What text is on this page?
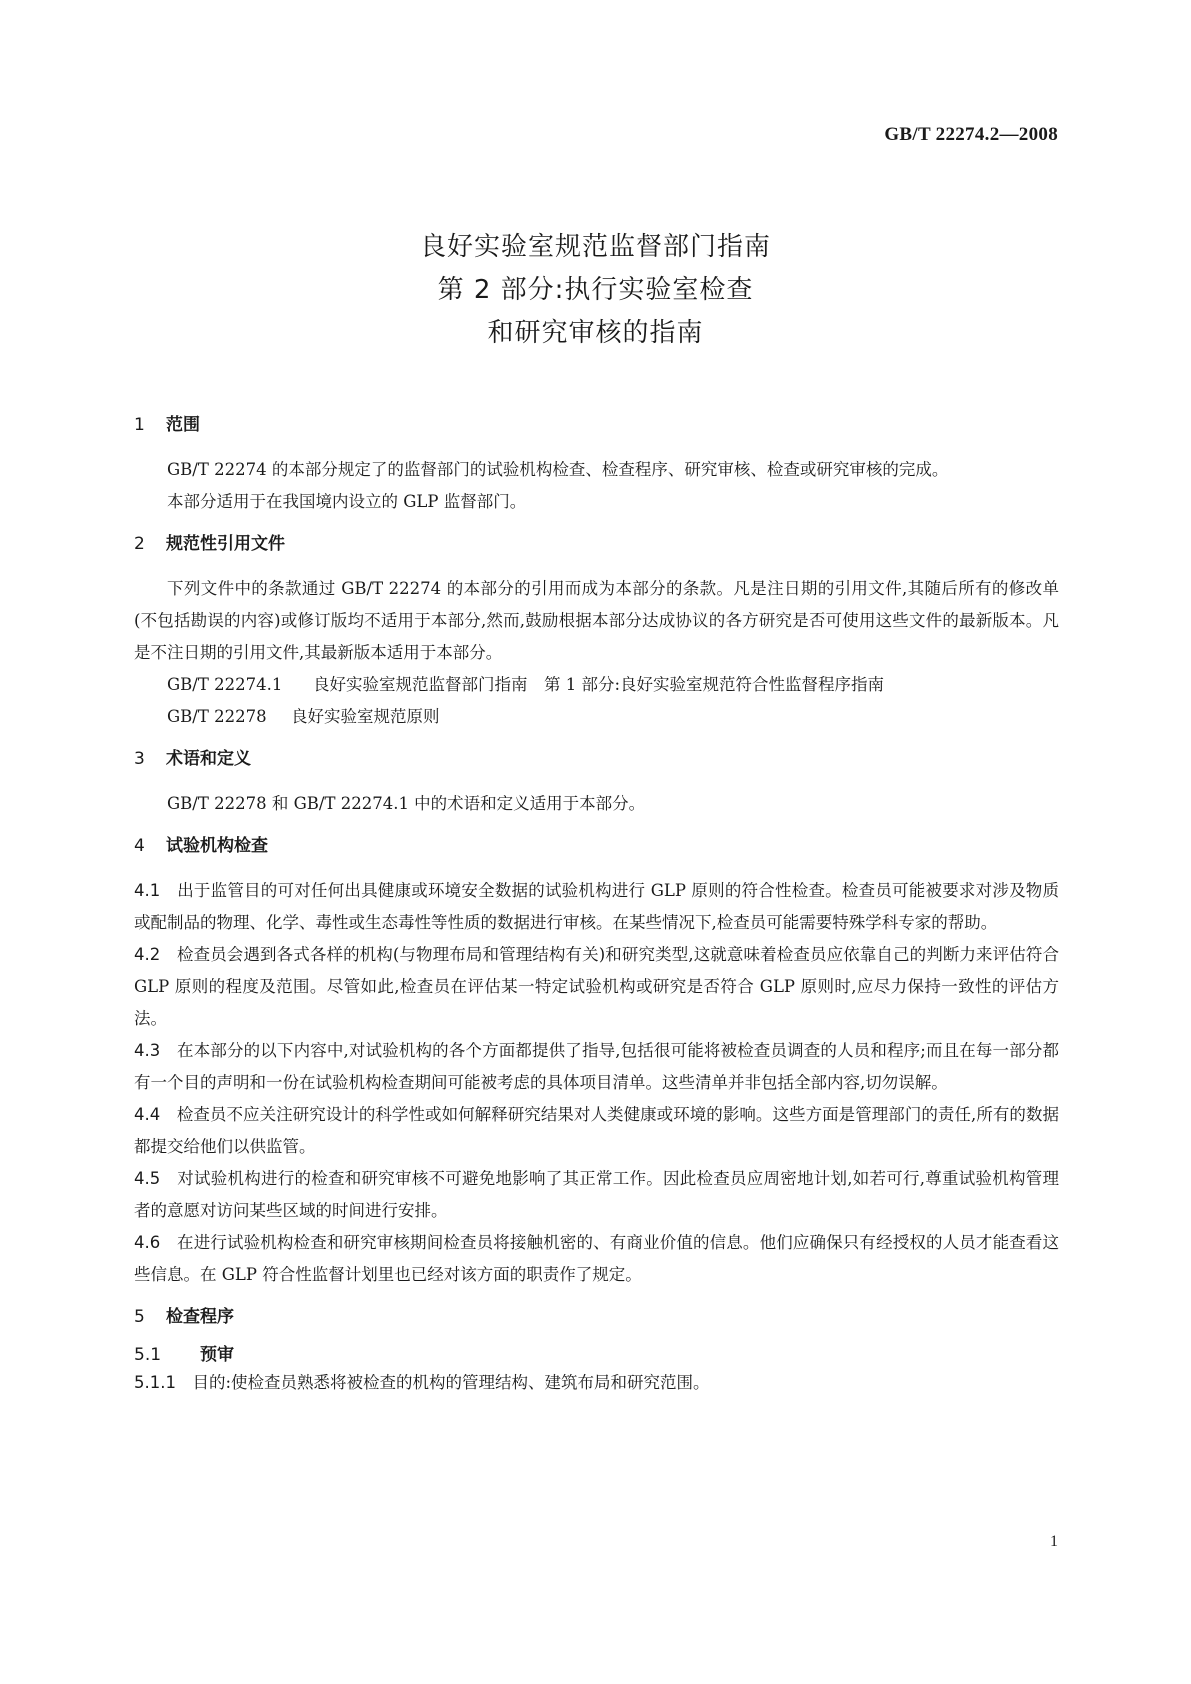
GB/T 22274.2—2008
良好实验室规范监督部门指南
第 2 部分:执行实验室检查
和研究审核的指南
1 范围
GB/T 22274 的本部分规定了的监督部门的试验机构检查、检查程序、研究审核、检查或研究审核的完成。
本部分适用于在我国境内设立的 GLP 监督部门。
2 规范性引用文件
下列文件中的条款通过 GB/T 22274 的本部分的引用而成为本部分的条款。凡是注日期的引用文件,其随后所有的修改单(不包括勘误的内容)或修订版均不适用于本部分,然而,鼓励根据本部分达成协议的各方研究是否可使用这些文件的最新版本。凡是不注日期的引用文件,其最新版本适用于本部分。
GB/T 22274.1 良好实验室规范监督部门指南　第 1 部分:良好实验室规范符合性监督程序指南
GB/T 22278 良好实验室规范原则
3 术语和定义
GB/T 22278 和 GB/T 22274.1 中的术语和定义适用于本部分。
4 试验机构检查
4.1　 出于监管目的可对任何出具健康或环境安全数据的试验机构进行 GLP 原则的符合性检查。检查员可能被要求对涉及物质或配制品的物理、化学、毒性或生态毒性等性质的数据进行审核。在某些情况下,检查员可能需要特殊学科专家的帮助。
4.2　 检查员会遇到各式各样的机构(与物理布局和管理结构有关)和研究类型,这就意味着检查员应依靠自己的判断力来评估符合 GLP 原则的程度及范围。尽管如此,检查员在评估某一特定试验机构或研究是否符合 GLP 原则时,应尽力保持一致性的评估方法。
4.3　 在本部分的以下内容中,对试验机构的各个方面都提供了指导,包括很可能将被检查员调查的人员和程序;而且在每一部分都有一个目的声明和一份在试验机构检查期间可能被考虑的具体项目清单。这些清单并非包括全部内容,切勿误解。
4.4　 检查员不应关注研究设计的科学性或如何解释研究结果对人类健康或环境的影响。这些方面是管理部门的责任,所有的数据都提交给他们以供监管。
4.5　 对试验机构进行的检查和研究审核不可避免地影响了其正常工作。因此检查员应周密地计划,如若可行,尊重试验机构管理者的意愿对访问某些区域的时间进行安排。
4.6　 在进行试验机构检查和研究审核期间检查员将接触机密的、有商业价值的信息。他们应确保只有经授权的人员才能查看这些信息。在 GLP 符合性监督计划里也已经对该方面的职责作了规定。
5 检查程序
5.1 预审
5.1.1　 目的:使检查员熟悉将被检查的机构的管理结构、建筑布局和研究范围。
1
